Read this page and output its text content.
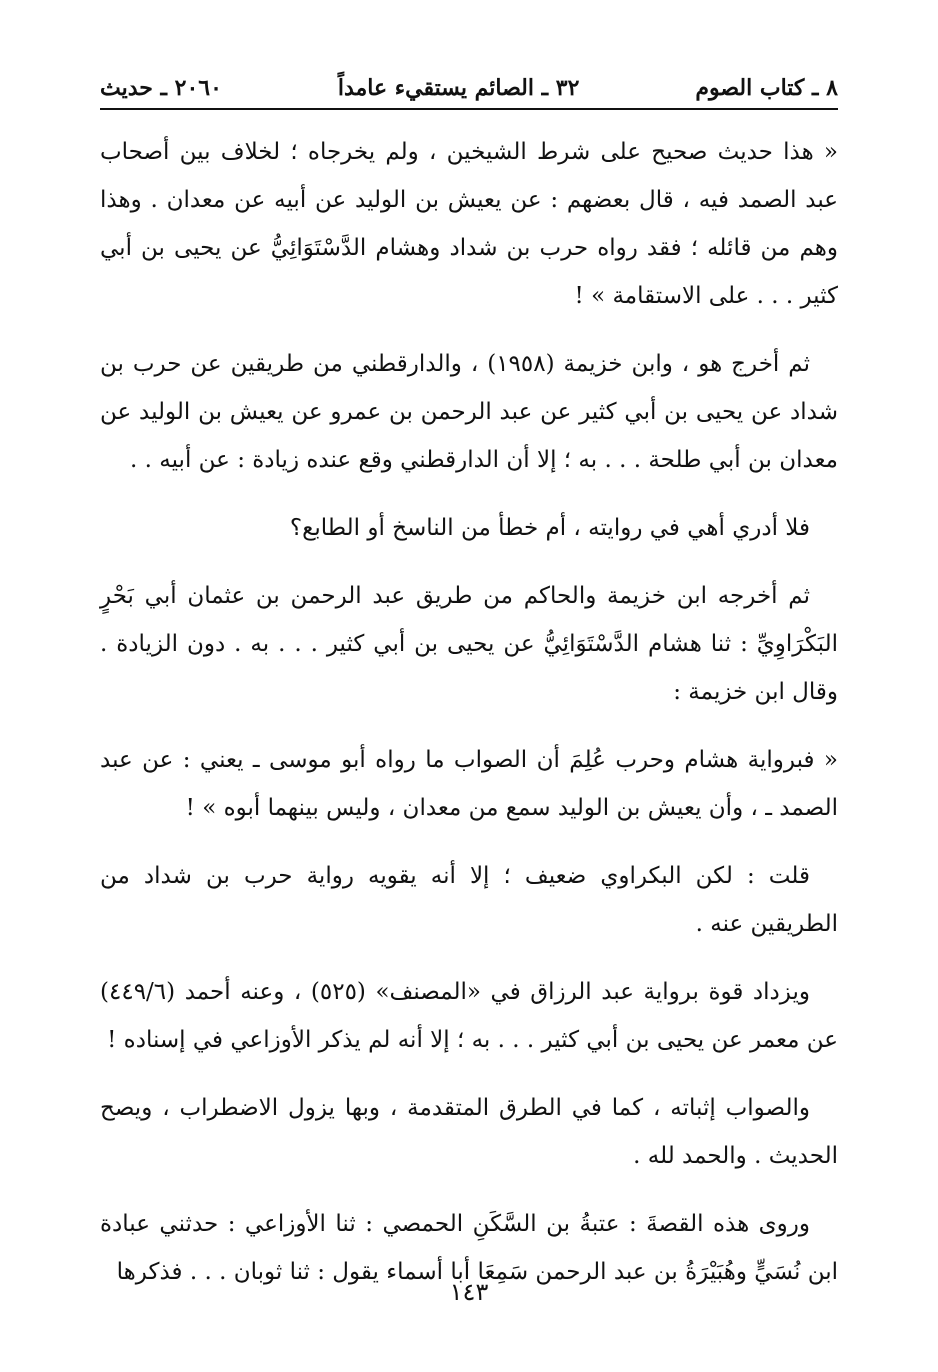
٨ ـ كتاب الصوم
٣٢ ـ الصائم يستقيء عامداً
٢٠٦٠ ـ حديث

« هذا حديث صحيح على شرط الشيخين ، ولم يخرجاه ؛ لخلاف بين أصحاب عبد الصمد فيه ، قال بعضهم : عن يعيش بن الوليد عن أبيه عن معدان . وهذا وهم من قائله ؛ فقد رواه حرب بن شداد وهشام الدَّسْتَوَائِيُّ عن يحيى بن أبي كثير . . . على الاستقامة » !

ثم أخرج هو ، وابن خزيمة (١٩٥٨) ، والدارقطني من طريقين عن حرب بن شداد عن يحيى بن أبي كثير عن عبد الرحمن بن عمرو عن يعيش بن الوليد عن معدان بن أبي طلحة . . . به ؛ إلا أن الدارقطني وقع عنده زيادة : عن أبيه . .

فلا أدري أهي في روايته ، أم خطأ من الناسخ أو الطابع؟

ثم أخرجه ابن خزيمة والحاكم من طريق عبد الرحمن بن عثمان أبي بَحْرٍ البَكْرَاوِيِّ : ثنا هشام الدَّسْتَوَائِيُّ عن يحيى بن أبي كثير . . . به . دون الزيادة . وقال ابن خزيمة :

« فبرواية هشام وحرب عُلِمَ أن الصواب ما رواه أبو موسى ـ يعني : عن عبد الصمد ـ ، وأن يعيش بن الوليد سمع من معدان ، وليس بينهما أبوه » !

قلت : لكن البكراوي ضعيف ؛ إلا أنه يقويه رواية حرب بن شداد من الطريقين عنه .

ويزداد قوة برواية عبد الرزاق في «المصنف» (٥٢٥) ، وعنه أحمد (٤٤٩/٦) عن معمر عن يحيى بن أبي كثير . . . به ؛ إلا أنه لم يذكر الأوزاعي في إسناده !

والصواب إثباته ، كما في الطرق المتقدمة ، وبها يزول الاضطراب ، ويصح الحديث . والحمد لله .

وروى هذه القصةَ : عتبةُ بن السَّكَنِ الحمصي : ثنا الأوزاعي : حدثني عبادة ابن نُسَيٍّ وهُبَيْرَةُ بن عبد الرحمن سَمِعَا أبا أسماء يقول : ثنا ثوبان . . . فذكرها

١٤٣
